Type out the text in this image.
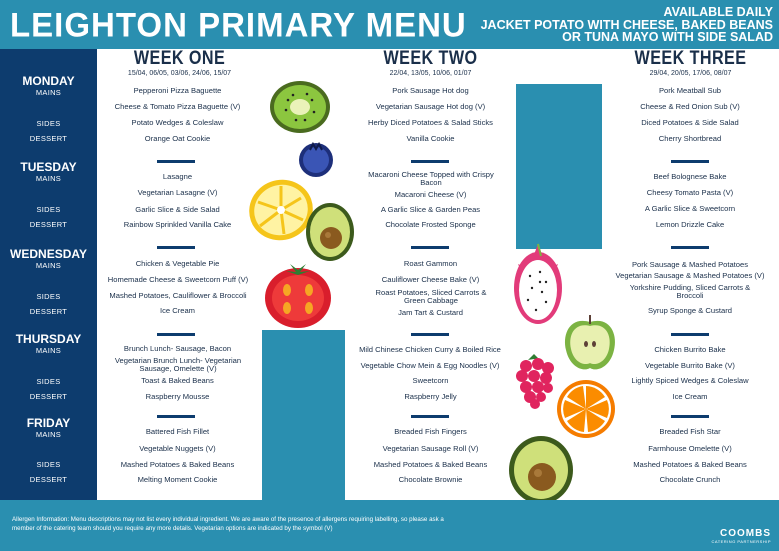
LEIGHTON PRIMARY MENU	AVAILABLE DAILY
JACKET POTATO WITH CHEESE, BAKED BEANS
OR TUNA MAYO WITH SIDE SALAD
MONDAY
MAINS
SIDES
DESSERT
TUESDAY
MAINS
SIDES
DESSERT
WEDNESDAY
MAINS
SIDES
DESSERT
THURSDAY
MAINS
SIDES
DESSERT
FRIDAY
MAINS
SIDES
DESSERT
WEEK ONE
15/04, 06/05, 03/06, 24/06, 15/07
WEEK TWO
22/04, 13/05, 10/06, 01/07
WEEK THREE
29/04, 20/05, 17/06, 08/07
Pepperoni Pizza Baguette
Cheese & Tomato Pizza Baguette (V)
Potato Wedges & Coleslaw
Orange Oat Cookie
Lasagne
Vegetarian Lasagne (V)
Garlic Slice & Side Salad
Rainbow Sprinkled Vanilla Cake
Chicken & Vegetable Pie
Homemade Cheese & Sweetcorn Puff (V)
Mashed Potatoes, Cauliflower & Broccoli
Ice Cream
Brunch Lunch- Sausage, Bacon
Vegetarian Brunch Lunch- Vegetarian Sausage, Omelette (V)
Toast & Baked Beans
Raspberry Mousse
Battered Fish Fillet
Vegetable Nuggets (V)
Mashed Potatoes & Baked Beans
Melting Moment Cookie
Pork Sausage Hot dog
Vegetarian Sausage Hot dog (V)
Herby Diced Potatoes & Salad Sticks
Vanilla Cookie
Macaroni Cheese Topped with Crispy Bacon
Macaroni Cheese (V)
A Garlic Slice & Garden Peas
Chocolate Frosted Sponge
Roast Gammon
Cauliflower Cheese Bake (V)
Roast Potatoes, Sliced Carrots & Green Cabbage
Jam Tart & Custard
Mild Chinese Chicken Curry & Boiled Rice
Vegetable Chow Mein & Egg Noodles (V)
Sweetcorn
Raspberry Jelly
Breaded Fish Fingers
Vegetarian Sausage Roll (V)
Mashed Potatoes & Baked Beans
Chocolate Brownie
Pork Meatball Sub
Cheese & Red Onion Sub (V)
Diced Potatoes & Side Salad
Cherry Shortbread
Beef Bolognese Bake
Cheesy Tomato Pasta (V)
A Garlic Slice & Sweetcorn
Lemon Drizzle Cake
Pork Sausage & Mashed Potatoes
Vegetarian Sausage & Mashed Potatoes (V)
Yorkshire Pudding, Sliced Carrots & Broccoli
Syrup Sponge & Custard
Chicken Burrito Bake
Vegetable Burrito Bake (V)
Lightly Spiced Wedges & Coleslaw
Ice Cream
Breaded Fish Star
Farmhouse Omelette (V)
Mashed Potatoes & Baked Beans
Chocolate Crunch
Allergen Information: Menu descriptions may not list every individual ingredient. We are aware of the presence of allergens requiring labelling, so please ask a member of the catering team should you require any more details. Vegetarian options are indicated by the symbol (V)	COOMBS
CATERING PARTNERSHIP
